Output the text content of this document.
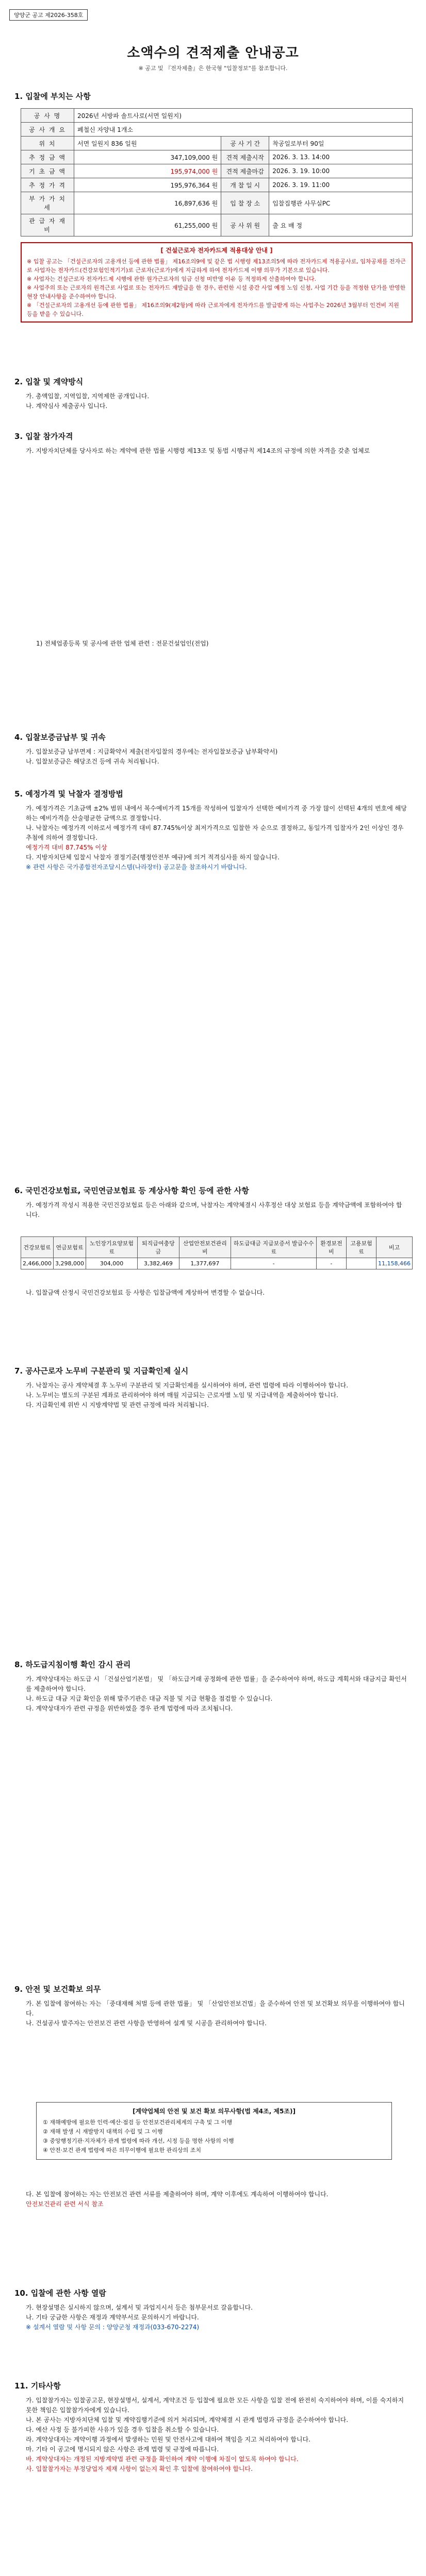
양양군 공고 제2026-358호
소액수의 견적제출 안내공고
※ 공고 및 『전자제출』은 한국형 "입찰정보"를 참조합니다.
1. 입찰에 부치는 사항
공 사 명	2026년 서방파 솔트사로(서면 일원지)		
공 사 개 요	폐철신 자양내 1개소		
위 치	서면 일원지 836 일원	공 사 기 간	착공일로부터 90일
추 정 금 액	347,109,000 원	견적 제출시작	2026. 3. 13. 14:00
기 초 금 액	195,974,000 원	견적 제출마감	2026. 3. 19. 10:00
추 정 가 격	195,976,364 원	개 찰 일 시	2026. 3. 19. 11:00
부 가 가 치 세	16,897,636 원	입 찰 장 소	입찰집행관 사무실PC
관 급 자 재 비	61,255,000 원	공 사 위 원	출 요 배 정
[ 건설근로자 전자카드제 적용대상 안내 ]
※ 입찰 공고는 「건설근로자의 고용개선 등에 관한 법률」 제16조의9에 및 같은 법 시행령 제13조의5에 따라 전자카드제 적용공사로, 임차공채를 전자근로 사업자는 전자카드(건강보험인적기기)로 근로자(근로가)에게 지급하게 하여 전자카드제 이행 의무가 기본으로 있습니다.
※ 사업자는 건설근로자 전자카드제 시행에 관한 원가근로자의 임금 신청 미반영 이유 등 적정하게 산출하여야 합니다.
※ 사업주의 또는 근로자의 원격근로 사업로 또는 전자카드 재발급을 한 경우, 관련한 시설 중간 사업 예정 노임 신청, 사업 기간 등을 적정한 단가를 반영한 현장 안내사항을 준수하여야 합니다.
※ 「건설근로자의 고용개선 등에 관한 법률」 제16조의9(제2항)에 따라 근로자에게 전자카드를 발급받게 하는 사업주는 2026년 3월부터 인건비 지원 등을 받을 수 있습니다.
2. 입찰 및 계약방식
가. 총액입찰, 지역입찰, 지역제한 공개입니다.
나. 계약심사 제출공사 입니다.
3. 입찰 참가자격
가. 지방자치단체를 당사자로 하는 계약에 관한 법률 시행령 제13조 및 동법 시행규칙 제14조의 규정에 의한 자격을 갖춘 업체로
1) 전체업종등록 및 공사에 관한 업체 관련 : 전문건설업인(전업)
4. 입찰보증금납부 및 귀속
가. 입찰보증금 납부면제 : 지급확약서 제출(전자입찰의 경우에는 전자입찰보증금 납부확약서)
나. 입찰보증금은 해당조건 등에 귀속 처리됩니다.
5. 예정가격 및 낙찰자 결정방법
가. 예정가격은 기초금액 ±2% 범위 내에서 복수예비가격 15개를 작성하여 입찰자가 선택한 예비가격 중 가장 많이 선택된 4개의 번호에 해당하는 예비가격을 산술평균한 금액으로 결정합니다.
나. 낙찰자는 예정가격 이하로서 예정가격 대비 87.745%이상 최저가격으로 입찰한 자 순으로 결정하고, 동일가격 입찰자가 2인 이상인 경우 추첨에 의하여 결정합니다.
예정가격 대비 87.745% 이상
다. 지방자치단체 입찰시 낙찰자 결정기준(행정안전부 예규)에 의거 적격심사를 하지 않습니다.
※ 관련 사항은 국가종합전자조달시스템(나라장터) 공고문을 참조하시기 바랍니다.
6. 국민건강보험료, 국민연금보험료 등 계상사항 확인 등에 관한 사항
가. 예정가격 작성시 적용한 국민건강보험료 등은 아래와 같으며, 낙찰자는 계약체결시 사후정산 대상 보험료 등을 계약금액에 포함하여야 합니다.
건강보험료	연금보험료	노인장기요양보험료	퇴직급여충당금	산업안전보건관리비	하도급대금 지급보증서 발급수수료	환경보전비	고용보험료	비고
2,466,000	3,298,000	304,000	3,382,469	1,377,697	-	-		11,158,466
나. 입찰금액 산정시 국민건강보험료 등 사항은 입찰금액에 계상하여 변경할 수 없습니다.
7. 공사근로자 노무비 구분관리 및 지급확인제 실시
가. 낙찰자는 공사 계약체결 후 노무비 구분관리 및 지급확인제를 실시하여야 하며, 관련 법령에 따라 이행하여야 합니다.
나. 노무비는 별도의 구분된 계좌로 관리하여야 하며 매월 지급되는 근로자별 노임 및 지급내역을 제출하여야 합니다.
다. 지급확인제 위반 시 지방계약법 및 관련 규정에 따라 처리됩니다.
8. 하도급지침이행 확인 감시 관리
가. 계약상대자는 하도급 시 「건설산업기본법」 및 「하도급거래 공정화에 관한 법률」을 준수하여야 하며, 하도급 계획서와 대금지급 확인서를 제출하여야 합니다.
나. 하도급 대금 지급 확인을 위해 발주기관은 대금 직불 및 지급 현황을 점검할 수 있습니다.
다. 계약상대자가 관련 규정을 위반하였을 경우 관계 법령에 따라 조치됩니다.
9. 안전 및 보건확보 의무
가. 본 입찰에 참여하는 자는 「중대재해 처벌 등에 관한 법률」 및 「산업안전보건법」을 준수하여 안전 및 보건확보 의무를 이행하여야 합니다.
나. 건설공사 발주자는 안전보건 관련 사항을 반영하여 설계 및 시공을 관리하여야 합니다.
[계약업체의 안전 및 보건 확보 의무사항(법 제4조, 제5조)]
① 재해예방에 필요한 인력·예산·점검 등 안전보건관리체계의 구축 및 그 이행
② 재해 발생 시 재발방지 대책의 수립 및 그 이행
③ 중앙행정기관·지자체가 관계 법령에 따라 개선, 시정 등을 명한 사항의 이행
④ 안전·보건 관계 법령에 따른 의무이행에 필요한 관리상의 조치
다. 본 입찰에 참여하는 자는 안전보건 관련 서류를 제출하여야 하며, 계약 이후에도 계속하여 이행하여야 합니다.
안전보건관리 관련 서식 참조
10. 입찰에 관한 사항 열람
가. 현장설명은 실시하지 않으며, 설계서 및 과업지시서 등은 첨부문서로 갈음합니다.
나. 기타 궁금한 사항은 재정과 계약부서로 문의하시기 바랍니다.
※ 설계서 열람 및 사항 문의 : 양양군청 재정과(033-670-2274)
11. 기타사항
가. 입찰참가자는 입찰공고문, 현장설명서, 설계서, 계약조건 등 입찰에 필요한 모든 사항을 입찰 전에 완전히 숙지하여야 하며, 이를 숙지하지 못한 책임은 입찰참가자에게 있습니다.
나. 본 공사는 지방자치단체 입찰 및 계약집행기준에 의거 처리되며, 계약체결 시 관계 법령과 규정을 준수하여야 합니다.
다. 예산 사정 등 불가피한 사유가 있을 경우 입찰을 취소할 수 있습니다.
라. 계약상대자는 계약이행 과정에서 발생하는 민원 및 안전사고에 대하여 책임을 지고 처리하여야 합니다.
마. 기타 이 공고에 명시되지 않은 사항은 관계 법령 및 규정에 따릅니다.
바. 계약상대자는 개정된 지방계약법 관련 규정을 확인하여 계약 이행에 차질이 없도록 하여야 합니다.
사. 입찰참가자는 부정당업자 제재 사항이 없는지 확인 후 입찰에 참여하여야 합니다.
